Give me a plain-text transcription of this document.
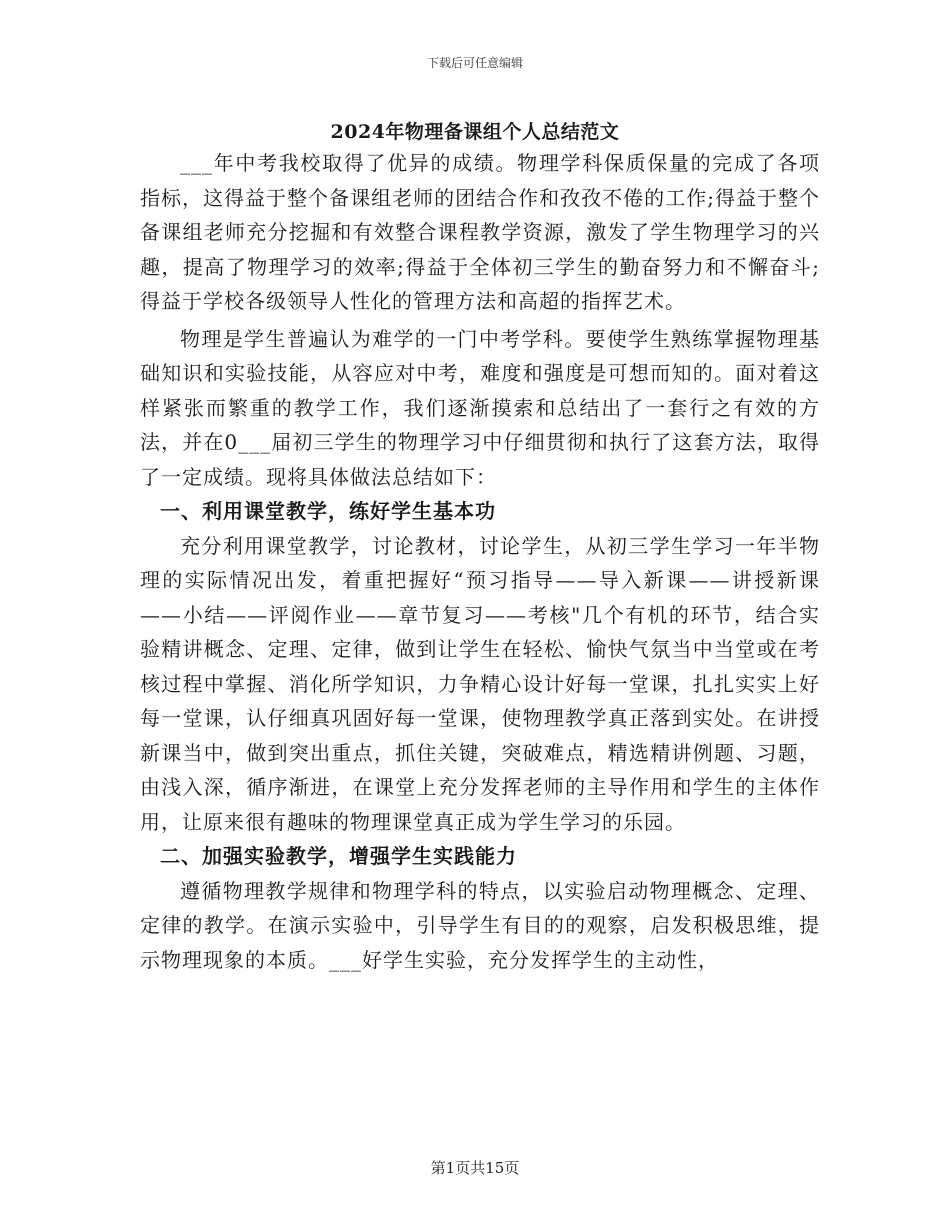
下载后可任意编辑
2024年物理备课组个人总结范文

___年中考我校取得了优异的成绩。物理学科保质保量的完成了各项指标，这得益于整个备课组老师的团结合作和孜孜不倦的工作;得益于整个备课组老师充分挖掘和有效整合课程教学资源，激发了学生物理学习的兴趣，提高了物理学习的效率;得益于全体初三学生的勤奋努力和不懈奋斗;得益于学校各级领导人性化的管理方法和高超的指挥艺术。

物理是学生普遍认为难学的一门中考学科。要使学生熟练掌握物理基础知识和实验技能，从容应对中考，难度和强度是可想而知的。面对着这样紧张而繁重的教学工作，我们逐渐摸索和总结出了一套行之有效的方法，并在0___届初三学生的物理学习中仔细贯彻和执行了这套方法，取得了一定成绩。现将具体做法总结如下：

一、利用课堂教学，练好学生基本功

充分利用课堂教学，讨论教材，讨论学生，从初三学生学习一年半物理的实际情况出发，着重把握好“预习指导——导入新课——讲授新课——小结——评阅作业——章节复习——考核"几个有机的环节，结合实验精讲概念、定理、定律，做到让学生在轻松、愉快气氛当中当堂或在考核过程中掌握、消化所学知识，力争精心设计好每一堂课，扎扎实实上好每一堂课，认仔细真巩固好每一堂课，使物理教学真正落到实处。在讲授新课当中，做到突出重点，抓住关键，突破难点，精选精讲例题、习题，由浅入深，循序渐进，在课堂上充分发挥老师的主导作用和学生的主体作用，让原来很有趣味的物理课堂真正成为学生学习的乐园。

二、加强实验教学，增强学生实践能力

遵循物理教学规律和物理学科的特点，以实验启动物理概念、定理、定律的教学。在演示实验中，引导学生有目的的观察，启发积极思维，提示物理现象的本质。___好学生实验，充分发挥学生的主动性，

第1页共15页
